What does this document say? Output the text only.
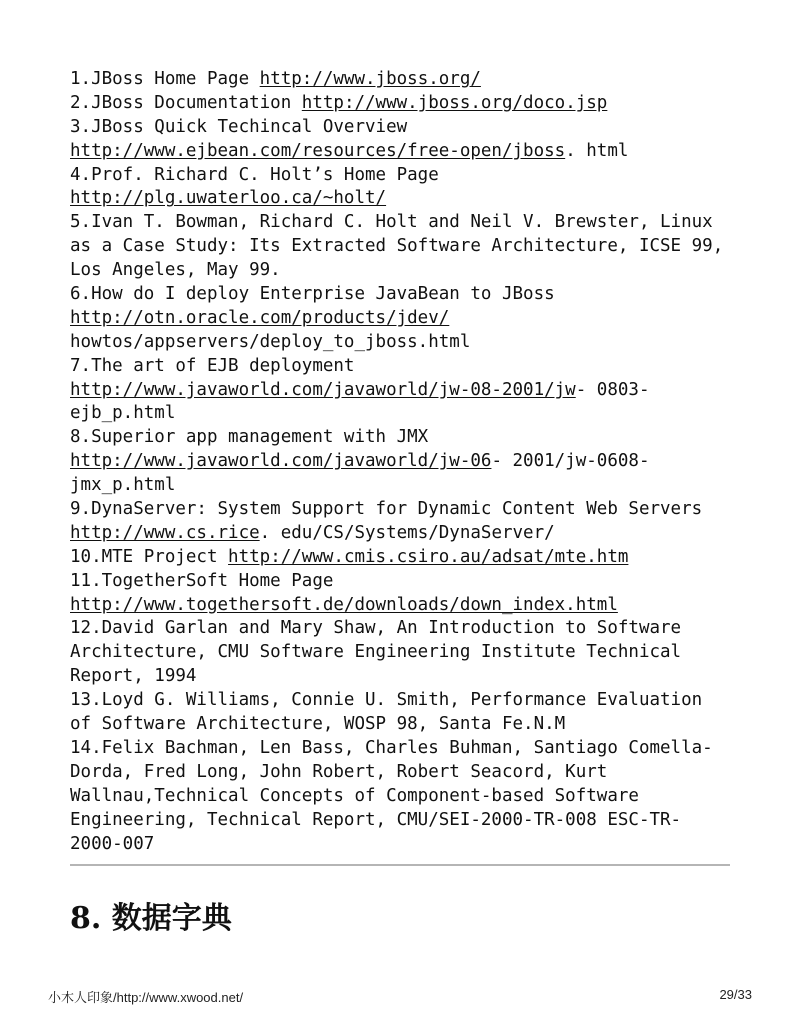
1.JBoss Home Page http://www.jboss.org/
2.JBoss Documentation http://www.jboss.org/doco.jsp
3.JBoss Quick Techincal Overview
http://www.ejbean.com/resources/free-open/jboss. html
4.Prof. Richard C. Holt’s Home Page
http://plg.uwaterloo.ca/~holt/
5.Ivan T. Bowman, Richard C. Holt and Neil V. Brewster, Linux
as a Case Study: Its Extracted Software Architecture, ICSE 99,
Los Angeles, May 99.
6.How do I deploy Enterprise JavaBean to JBoss
http://otn.oracle.com/products/jdev/
howtos/appservers/deploy_to_jboss.html
7.The art of EJB deployment
http://www.javaworld.com/javaworld/jw-08-2001/jw- 0803-
ejb_p.html
8.Superior app management with JMX
http://www.javaworld.com/javaworld/jw-06- 2001/jw-0608-
jmx_p.html
9.DynaServer: System Support for Dynamic Content Web Servers
http://www.cs.rice. edu/CS/Systems/DynaServer/
10.MTE Project http://www.cmis.csiro.au/adsat/mte.htm
11.TogetherSoft Home Page
http://www.togethersoft.de/downloads/down_index.html
12.David Garlan and Mary Shaw, An Introduction to Software
Architecture, CMU Software Engineering Institute Technical
Report, 1994
13.Loyd G. Williams, Connie U. Smith, Performance Evaluation
of Software Architecture, WOSP 98, Santa Fe.N.M
14.Felix Bachman, Len Bass, Charles Buhman, Santiago Comella-
Dorda, Fred Long, John Robert, Robert Seacord, Kurt
Wallnau,Technical Concepts of Component-based Software
Engineering, Technical Report, CMU/SEI-2000-TR-008 ESC-TR-
2000-007
8. 数据字典
小木人印象/http://www.xwood.net/	29/33
